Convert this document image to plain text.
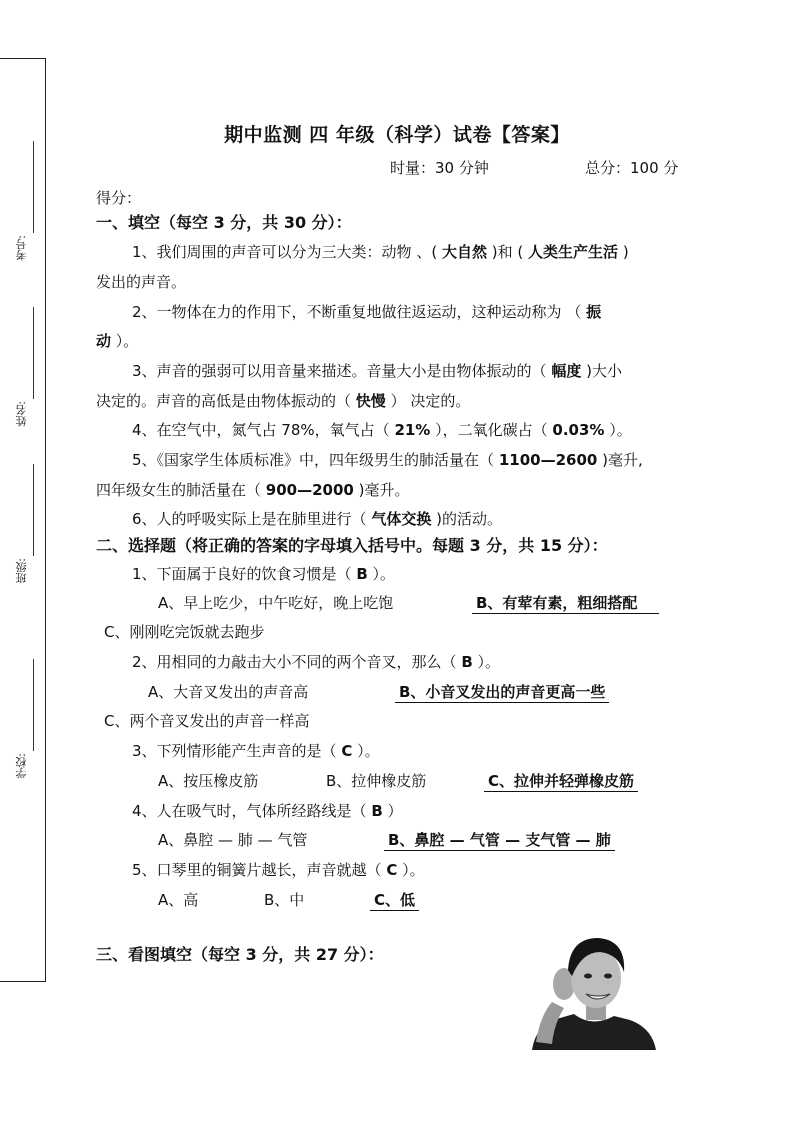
考号:
姓名:
班级:
学校:
期中监测 四 年级（科学）试卷【答案】
时量：30 分钟	总分：100 分
得分：
一、填空（每空 3 分，共 30 分）：
1、我们周围的声音可以分为三大类：动物 、( 大自然 )和 ( 人类生产生活 )
发出的声音。
2、一物体在力的作用下，不断重复地做往返运动，这种运动称为 （ 振
动 ）。
3、声音的强弱可以用音量来描述。音量大小是由物体振动的（ 幅度 )大小
决定的。声音的高低是由物体振动的（ 快慢 ） 决定的。
4、在空气中，氮气占 78%，氧气占（ 21% ），二氧化碳占（ 0.03% ）。
5、《国家学生体质标准》中，四年级男生的肺活量在（ 1100—2600 )毫升,
四年级女生的肺活量在（ 900—2000 )毫升。
6、人的呼吸实际上是在肺里进行（ 气体交换 )的活动。
二、选择题（将正确的答案的字母填入括号中。每题 3 分，共 15 分）：
1、下面属于良好的饮食习惯是（ B ）。
A、早上吃少，中午吃好，晚上吃饱	B、有荤有素，粗细搭配
C、刚刚吃完饭就去跑步
2、用相同的力敲击大小不同的两个音叉，那么（ B ）。
A、大音叉发出的声音高	B、小音叉发出的声音更高一些
C、两个音叉发出的声音一样高
3、下列情形能产生声音的是（ C ）。
A、按压橡皮筋	B、拉伸橡皮筋	C、拉伸并轻弹橡皮筋
4、人在吸气时，气体所经路线是（ B ）
A、鼻腔 — 肺 — 气管	B、鼻腔 — 气管 — 支气管 — 肺
5、口琴里的铜簧片越长，声音就越（ C ）。
A、高	B、中	C、低
三、看图填空（每空 3 分，共 27 分）：
